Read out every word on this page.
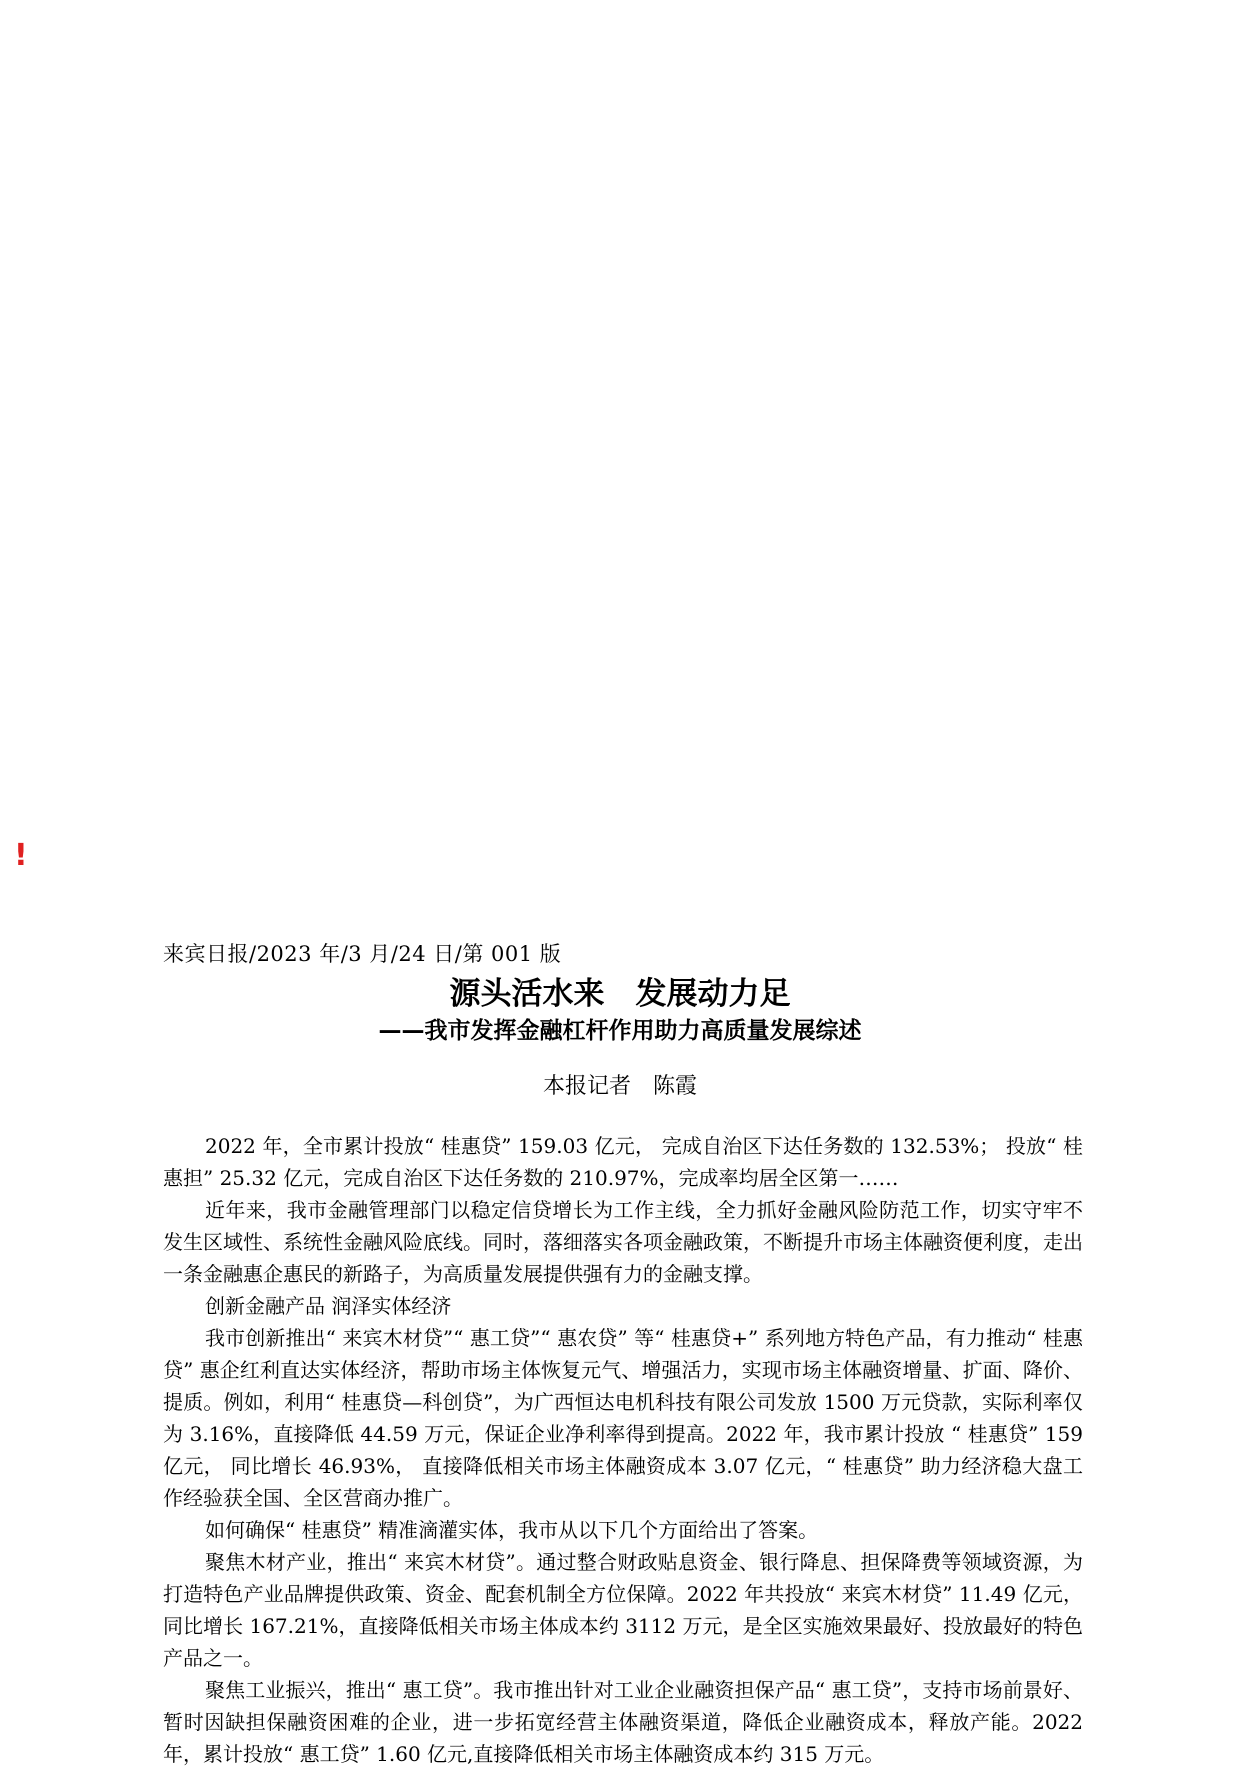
!
来宾日报/2023 年/3 月/24 日/第 001 版
源头活水来　发展动力足
——我市发挥金融杠杆作用助力高质量发展综述
本报记者　陈霞

2022 年，全市累计投放“ 桂惠贷” 159.03 亿元， 完成自治区下达任务数的 132.53%； 投放“ 桂惠担” 25.32 亿元，完成自治区下达任务数的 210.97%，完成率均居全区第一……

近年来，我市金融管理部门以稳定信贷增长为工作主线，全力抓好金融风险防范工作，切实守牢不发生区域性、系统性金融风险底线。同时，落细落实各项金融政策，不断提升市场主体融资便利度，走出一条金融惠企惠民的新路子，为高质量发展提供强有力的金融支撑。

创新金融产品 润泽实体经济

我市创新推出“ 来宾木材贷”“ 惠工贷”“ 惠农贷” 等“ 桂惠贷+” 系列地方特色产品，有力推动“ 桂惠贷” 惠企红利直达实体经济，帮助市场主体恢复元气、增强活力，实现市场主体融资增量、扩面、降价、提质。例如，利用“ 桂惠贷—科创贷”，为广西恒达电机科技有限公司发放 1500 万元贷款，实际利率仅为 3.16%，直接降低 44.59 万元，保证企业净利率得到提高。2022 年，我市累计投放 “ 桂惠贷” 159 亿元， 同比增长 46.93%， 直接降低相关市场主体融资成本 3.07 亿元，“ 桂惠贷” 助力经济稳大盘工作经验获全国、全区营商办推广。

如何确保“ 桂惠贷” 精准滴灌实体，我市从以下几个方面给出了答案。

聚焦木材产业，推出“ 来宾木材贷”。通过整合财政贴息资金、银行降息、担保降费等领域资源，为打造特色产业品牌提供政策、资金、配套机制全方位保障。2022 年共投放“ 来宾木材贷” 11.49 亿元，同比增长 167.21%，直接降低相关市场主体成本约 3112 万元，是全区实施效果最好、投放最好的特色产品之一。

聚焦工业振兴，推出“ 惠工贷”。我市推出针对工业企业融资担保产品“ 惠工贷”，支持市场前景好、暂时因缺担保融资困难的企业，进一步拓宽经营主体融资渠道，降低企业融资成本，释放产能。2022 年，累计投放“ 惠工贷” 1.60 亿元,直接降低相关市场主体融资成本约 315 万元。
